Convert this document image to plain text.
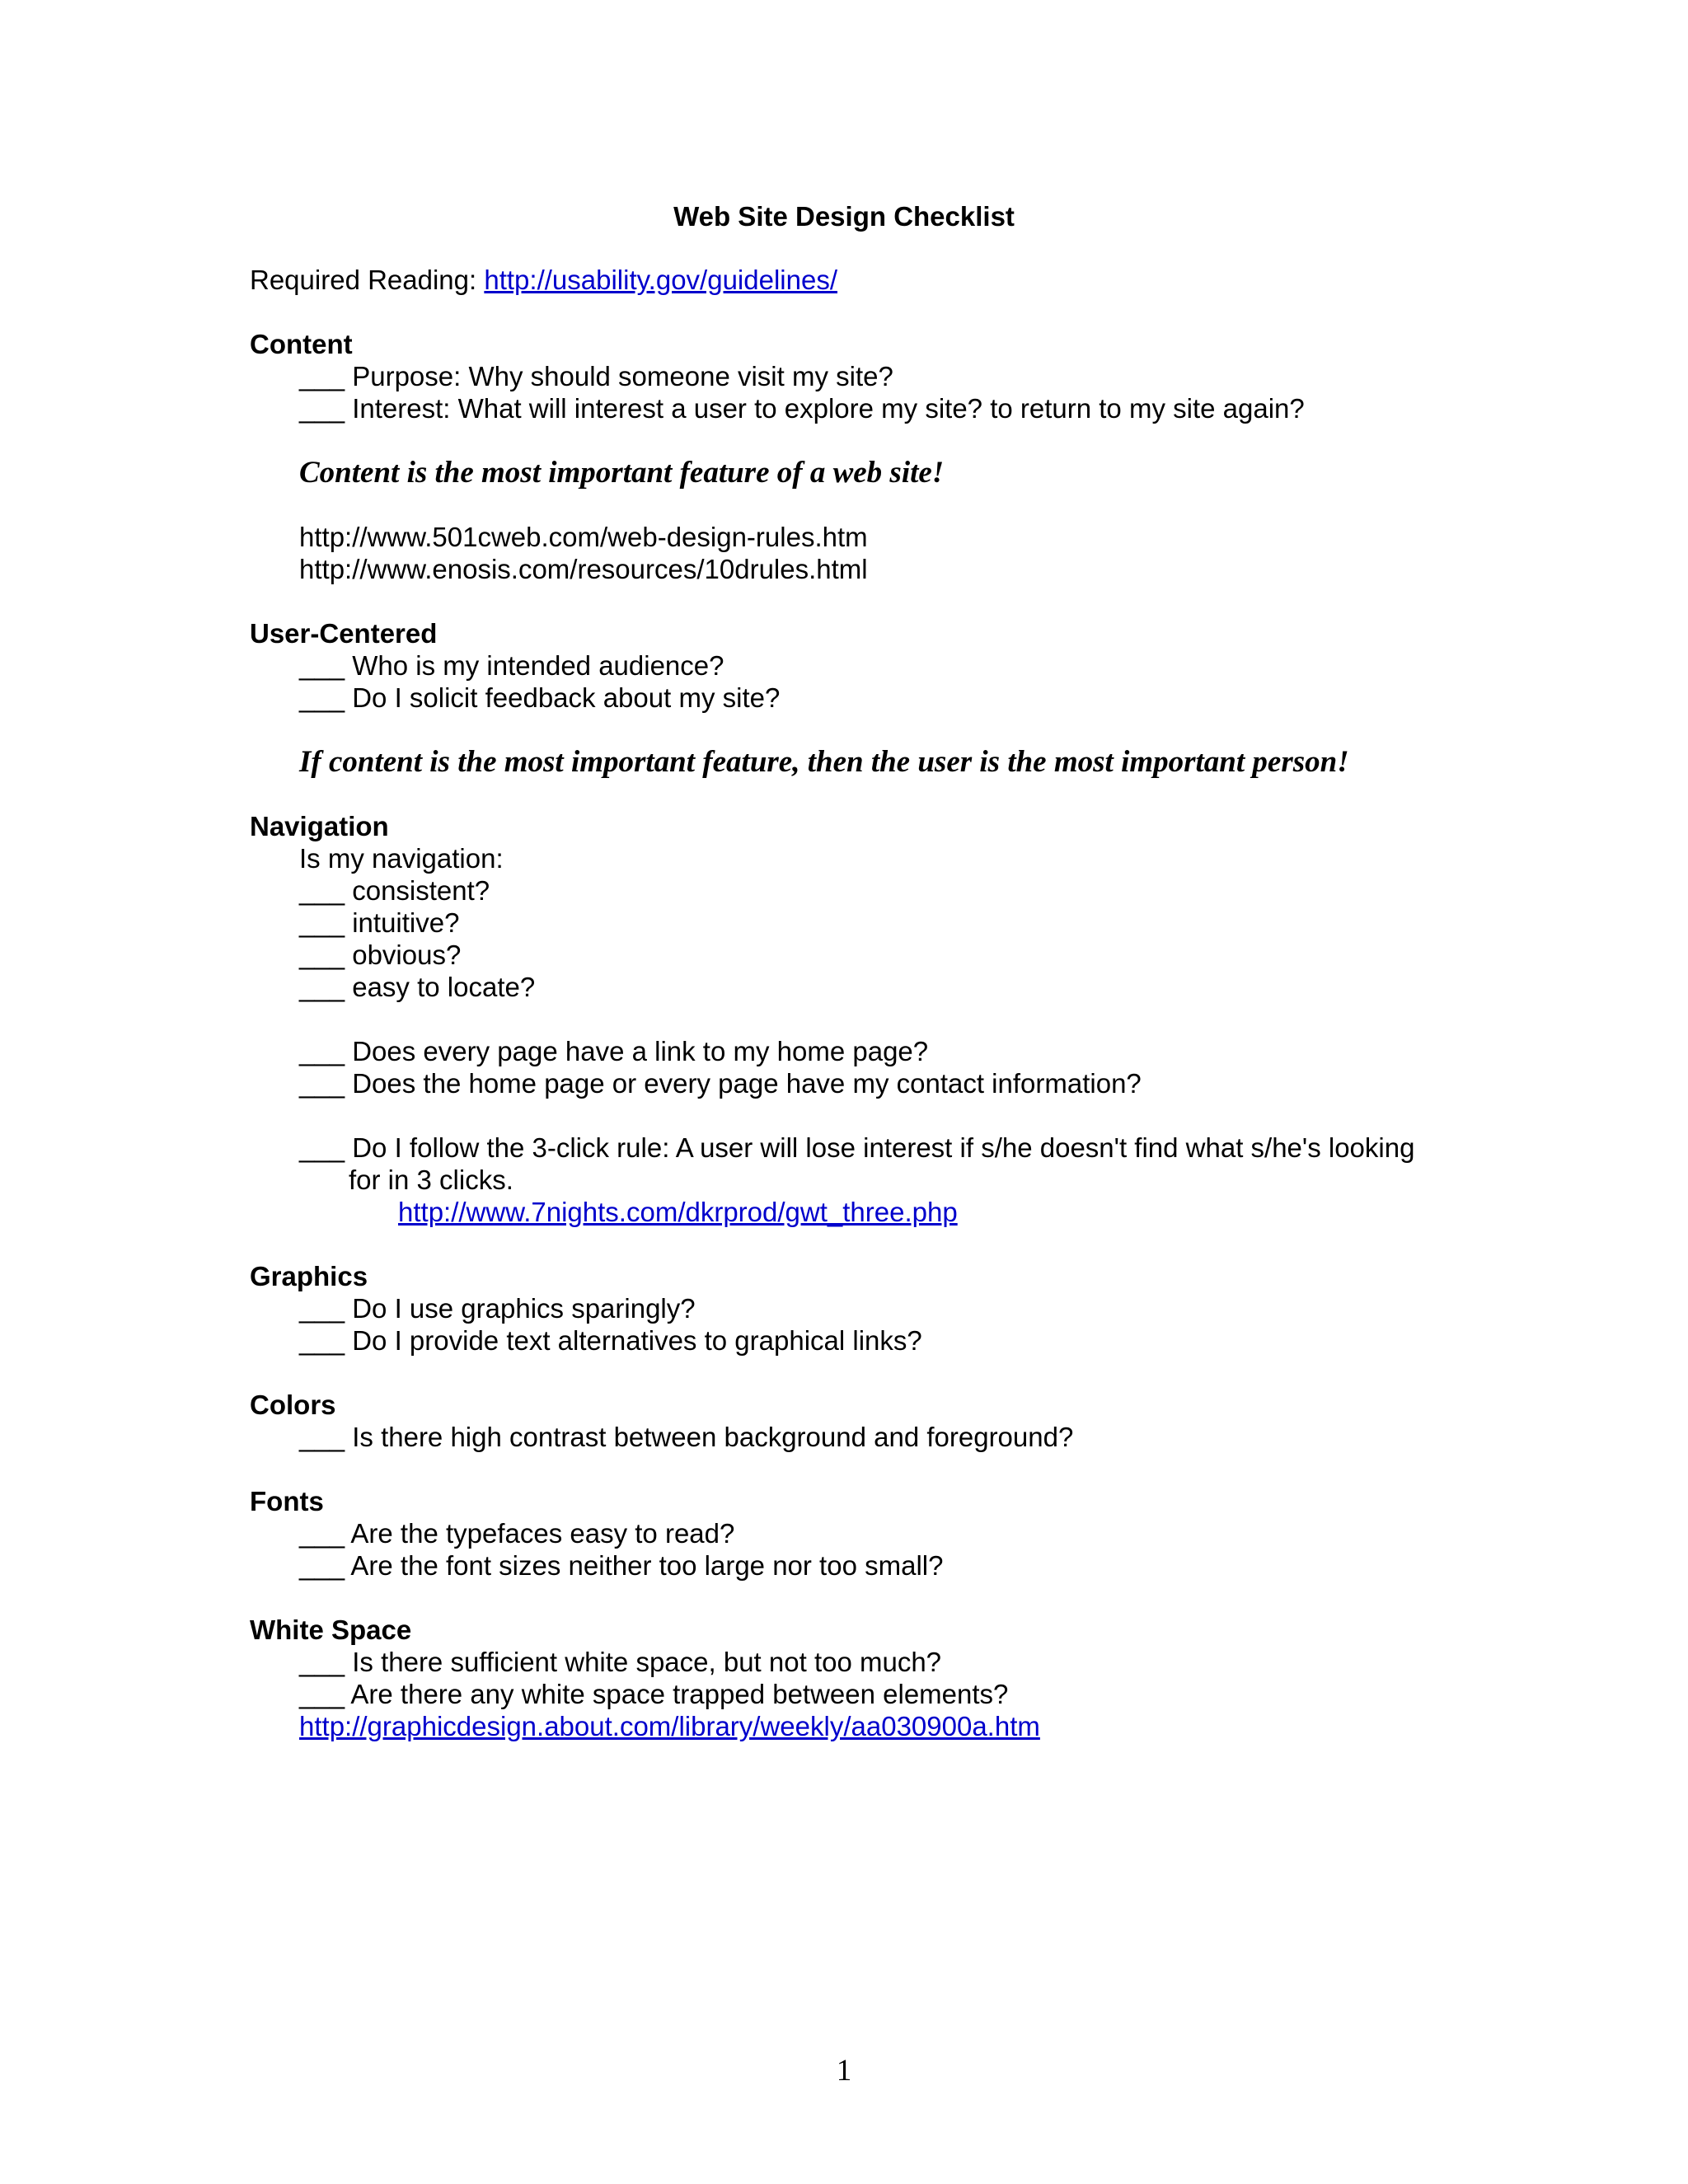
Web Site Design Checklist
Required Reading: http://usability.gov/guidelines/
Content
___ Purpose: Why should someone visit my site?
___ Interest: What will interest a user to explore my site? to return to my site again?
Content is the most important feature of a web site!
http://www.501cweb.com/web-design-rules.htm
http://www.enosis.com/resources/10drules.html
User-Centered
___ Who is my intended audience?
___ Do I solicit feedback about my site?
If content is the most important feature, then the user is the most important person!
Navigation
Is my navigation:
___ consistent?
___ intuitive?
___ obvious?
___ easy to locate?
___ Does every page have a link to my home page?
___ Does the home page or every page have my contact information?
___ Do I follow the 3-click rule: A user will lose interest if s/he doesn't find what s/he's looking
for in 3 clicks.
http://www.7nights.com/dkrprod/gwt_three.php
Graphics
___ Do I use graphics sparingly?
___ Do I provide text alternatives to graphical links?
Colors
___ Is there high contrast between background and foreground?
Fonts
___ Are the typefaces easy to read?
___ Are the font sizes neither too large nor too small?
White Space
___ Is there sufficient white space, but not too much?
___ Are there any white space trapped between elements?
http://graphicdesign.about.com/library/weekly/aa030900a.htm
1
